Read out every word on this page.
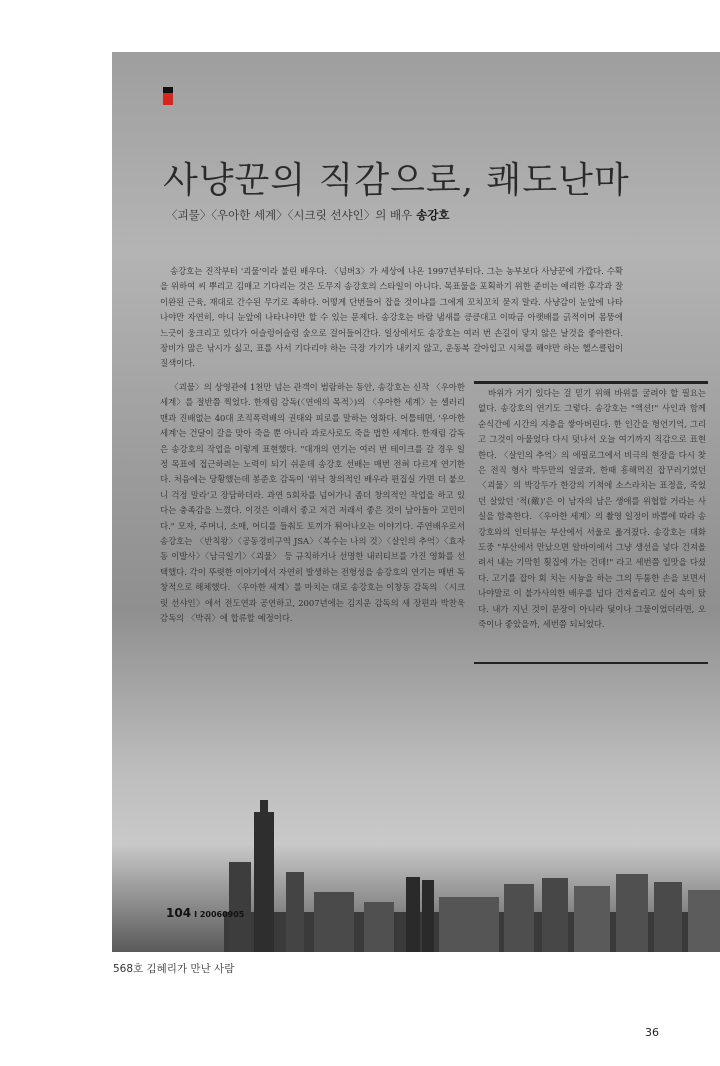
사냥꾼의 직감으로, 쾌도난마
〈괴물〉〈우아한 세계〉〈시크릿 선샤인〉의 배우 송강호

송강호는 진작부터 '괴물'이라 불린 배우다. 〈넘버3〉가 세상에 나온 1997년부터다. 그는 농부보다 사냥꾼에 가깝다. 수확을 위하여 씨 뿌리고 김매고 기다리는 것은 도무지 송강호의 스타일이 아니다. 목표물을 포획하기 위한 준비는 예리한 후각과 잘 이완된 근육, 재대로 간수된 무기로 족하다. 어떻게 단번들어 잡을 것이냐를 그에게 꼬치꼬치 묻지 말라. 사냥감이 눈앞에 나타나야만 자연히, 아니 눈앞에 나타나야만 할 수 있는 문제다. 송강호는 바람 냄새를 킁킁대고 이따금 아랫배를 긁적이며 몸뚱에 느긋이 웅크리고 있다가 어슬렁어슬렁 숲으로 걸어들어간다. 일상에서도 송강호는 여러 번 손길이 닿지 않은 날것을 좋아한다. 장비가 많은 낚시가 싫고, 표를 사서 기다리야 하는 극장 가기가 내키지 않고, 운동복 갈아입고 시쳐를 해야만 하는 헬스클럽이 질색이다.

〈괴물〉의 상영관에 1천만 넘는 관객이 범람하는 동안, 송강호는 신작 〈우아한 세계〉를 절반쯤 찍었다. 한재림 감독(〈연애의 목적〉)의 〈우아한 세계〉는 셀러리맨과 진배없는 40대 조직폭력배의 권태와 피로를 말하는 영화다. 어틀테면, '우아한 세계'는 건달이 갈을 맞아 죽을 뿐 아니라 과로사로도 죽을 법한 세계다. 한재림 감독은 송강호의 작업을 이렇게 표현했다. "대개의 연기는 여러 번 테이크를 갈 경우 일정 목표에 접근하려는 노력이 되기 쉬운데 송강호 선배는 매번 전혀 다르게 연기한다. 처음에는 당황했는데 봉준호 감독이 '위낙 창의적인 배우라 편집실 가면 더 붙으니 걱정 말라'고 장담하더라. 과연 5회차를 넘어가니 좀더 창의적인 작업을 하고 있다는 충족감을 느꼈다. 이것은 이래서 좋고 저건 저래서 좋은 것이 남아돌아 고민이다." 모자, 주머니, 소매, 어디를 들춰도 토끼가 튀어나오는 이야기다. 주연배우로서 송강호는 〈반칙왕〉〈공동경비구역 JSA〉〈복수는 나의 것〉〈살인의 추억〉〈효자동 이발사〉〈남극일기〉〈괴물〉 등 규칙하거나 선명한 내러티브를 가진 영화를 선택했다. 각이 뚜렷한 이야기에서 자연히 발생하는 전형성을 송강호의 연기는 매번 독창적으로 해체했다. 〈우아한 세계〉를 마치는 대로 송강호는 이창동 감독의 〈시크릿 선샤인〉에서 전도연과 공연하고, 2007년에는 김지운 감독의 새 장편과 박찬욱 감독의 〈박쥐〉에 합류할 예정이다.

바위가 거기 있다는 걸 믿기 위해 바위를 굴려야 할 필요는 없다. 송강호의 연기도 그렇다. 송강호는 "액션!" 사인과 함께 순식간에 시간의 지층을 쌓아버린다. 한 인간을 형언기억, 그리고 그것이 아물었다 다시 덧나서 오늘 여기까지 직감으로 표현한다. 〈살인의 추억〉의 에필로그에서 비극의 현장을 다시 찾은 전직 형사 박두만의 얼굴과, 한때 흥해먹진 잡꾸러기였던 〈괴물〉의 박강두가 한강의 기척에 소스라치는 표정을, 죽었던 살았던 '적(敵)'은 이 남자의 남은 생애를 위협할 거라는 사실을 함축한다. 〈우아한 세계〉의 촬영 일정이 바쁨에 따라 송강호와의 인터뷰는 부산에서 서울로 옮겨졌다. 송강호는 대화 도중 "부산에서 만났으면 알바이에서 그냥 생선을 넣다 건져올려서 내는 기막힌 횟집에 가는 건데!" 라고 세번쯤 입맛을 다셨다. 고기를 잡아 회 치는 시늉을 하는 그의 두툼한 손을 보면서 나야말로 이 불가사의한 배우를 넙다 건져올리고 싶어 속이 탔다. 내가 지닌 것이 문장이 아니라 덫이나 그물이었더라면, 오죽이나 좋았을까, 세번쯤 되뇌었다.

104 I 20060905
568호 김혜리가 만난 사람
36
